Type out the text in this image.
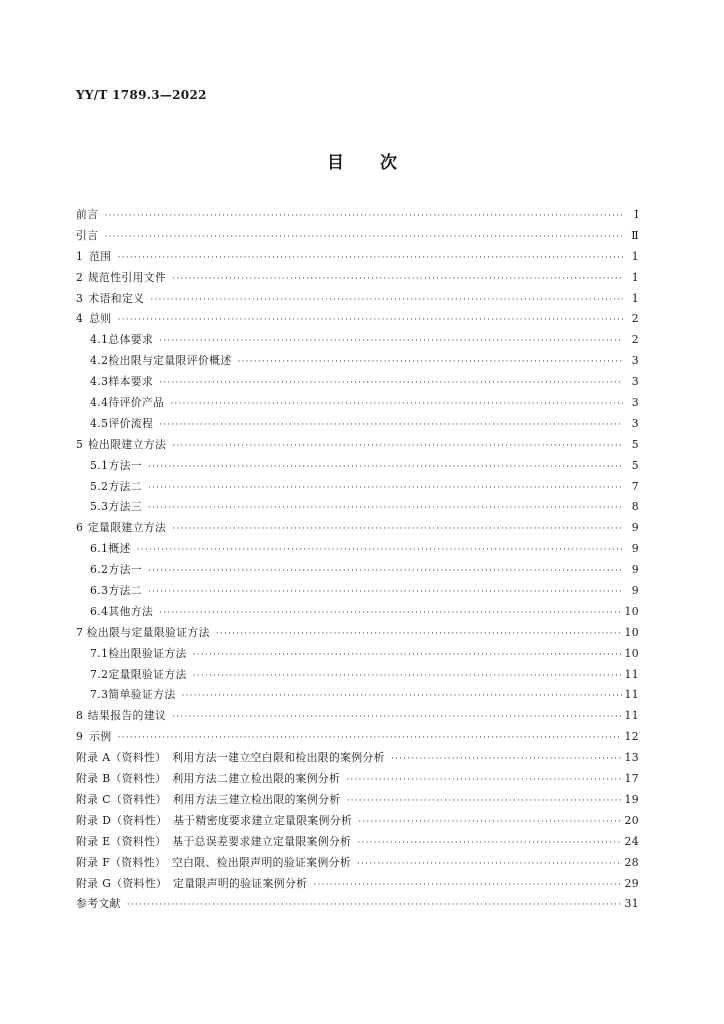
YY/T 1789.3—2022
目 次
前言 ·····	Ⅰ
引言 ·····	Ⅱ
1 范围 ·····	1
2 规范性引用文件 ·····	1
3 术语和定义 ·····	1
4 总则 ·····	2
4.1 总体要求 ·····	2
4.2 检出限与定量限评价概述 ·····	3
4.3 样本要求 ·····	3
4.4 待评价产品 ·····	3
4.5 评价流程 ·····	3
5 检出限建立方法 ·····	5
5.1 方法一 ·····	5
5.2 方法二 ·····	7
5.3 方法三 ·····	8
6 定量限建立方法 ·····	9
6.1 概述 ·····	9
6.2 方法一 ·····	9
6.3 方法二 ·····	9
6.4 其他方法 ·····	10
7 检出限与定量限验证方法 ·····	10
7.1 检出限验证方法 ·····	10
7.2 定量限验证方法 ·····	11
7.3 简单验证方法 ·····	11
8 结果报告的建议 ·····	11
9 示例 ·····	12
附录 A（资料性）　利用方法一建立空白限和检出限的案例分析 ·····	13
附录 B（资料性）　利用方法二建立检出限的案例分析 ·····	17
附录 C（资料性）　利用方法三建立检出限的案例分析 ·····	19
附录 D（资料性）　基于精密度要求建立定量限案例分析 ·····	20
附录 E（资料性）　基于总误差要求建立定量限案例分析 ·····	24
附录 F（资料性）　空白限、检出限声明的验证案例分析 ·····	28
附录 G（资料性）　定量限声明的验证案例分析 ·····	29
参考文献 ·····	31
